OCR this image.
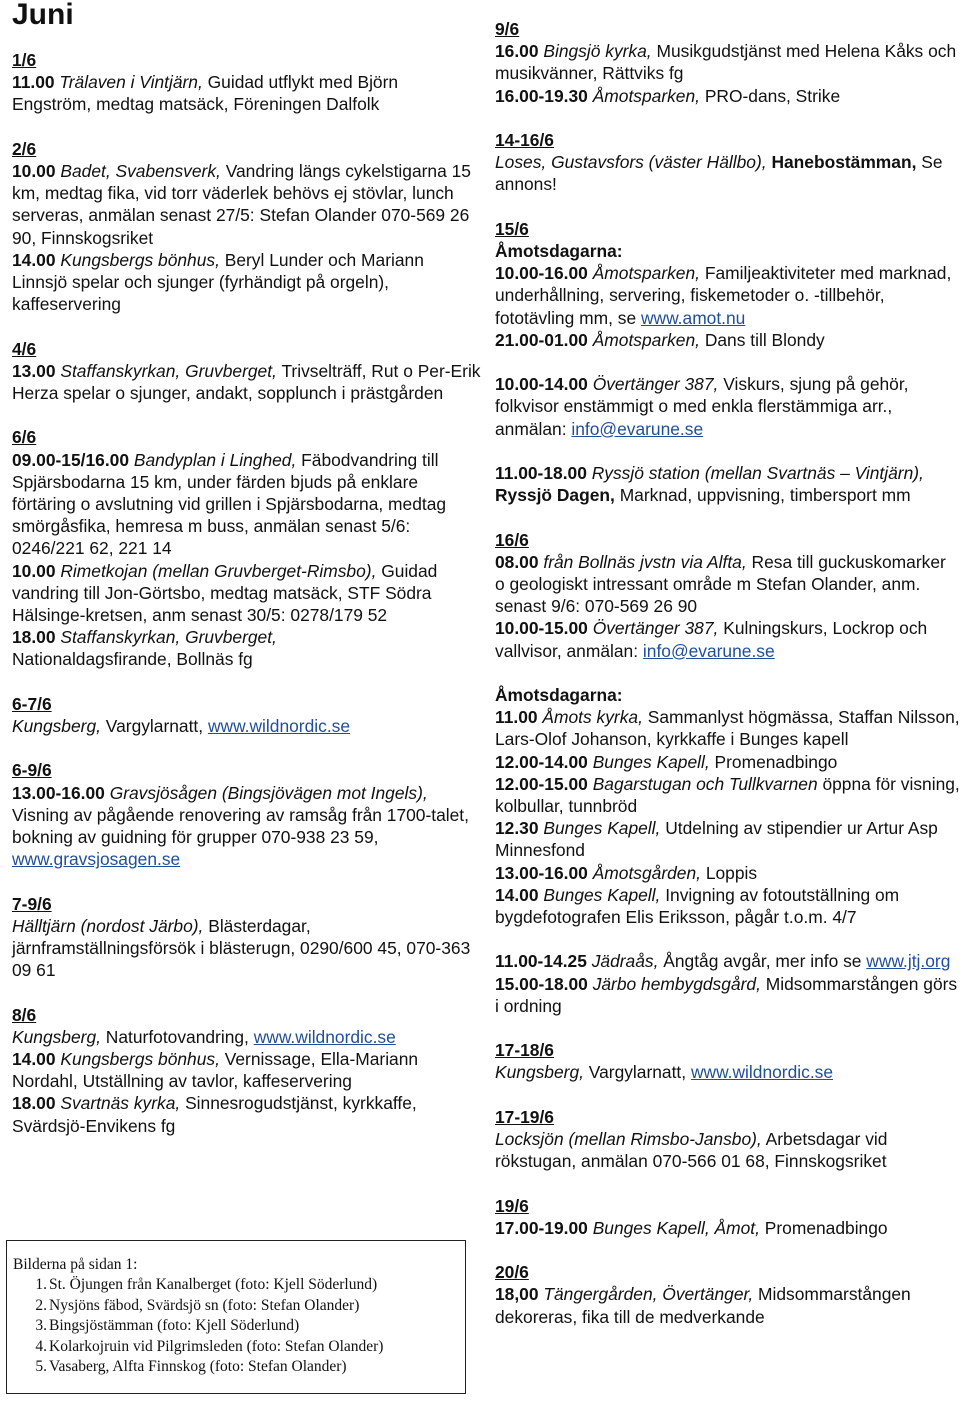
Juni

1/6
11.00 Trälaven i Vintjärn, Guidad utflykt med Björn Engström, medtag matsäck, Föreningen Dalfolk

2/6
10.00 Badet, Svabensverk, Vandring längs cykelstigarna 15 km, medtag fika, vid torr väderlek behövs ej stövlar, lunch serveras, anmälan senast 27/5: Stefan Olander 070-569 26 90, Finnskogsriket

14.00 Kungsbergs bönhus, Beryl Lunder och Mariann Linnsjö spelar och sjunger (fyrhändigt på orgeln), kaffeservering

4/6
13.00 Staffanskyrkan, Gruvberget, Trivselträff, Rut o Per-Erik Herza spelar o sjunger, andakt, sopplunch i prästgården

6/6
09.00-15/16.00 Bandyplan i Linghed, Fäbodvandring till Spjärsbodarna 15 km, under färden bjuds på enklare förtäring o avslutning vid grillen i Spjärsbodarna, medtag smörgåsfika, hemresa m buss, anmälan senast 5/6: 0246/221 62, 221 14

10.00 Rimetkojan (mellan Gruvberget-Rimsbo), Guidad vandring till Jon-Görtsbo, medtag matsäck, STF Södra Hälsinge-kretsen, anm senast 30/5: 0278/179 52

18.00 Staffanskyrkan, Gruvberget,
Nationaldagsfirande, Bollnäs fg

6-7/6
Kungsberg, Vargylarnatt, www.wildnordic.se

6-9/6
13.00-16.00 Gravsjösågen (Bingsjövägen mot Ingels), Visning av pågående renovering av ramsåg från 1700-talet, bokning av guidning för grupper 070-938 23 59, www.gravsjosagen.se

7-9/6
Hälltjärn (nordost Järbo), Blästerdagar, järnframställningsförsök i blästerugn, 0290/600 45, 070-363 09 61

8/6
Kungsberg, Naturfotovandring, www.wildnordic.se

14.00 Kungsbergs bönhus, Vernissage, Ella-Mariann Nordahl, Utställning av tavlor, kaffeservering

18.00 Svartnäs kyrka, Sinnesrogudstjänst, kyrkkaffe, Svärdsjö-Envikens fg

Bilderna på sidan 1:
1. St. Öjungen från Kanalberget (foto: Kjell Söderlund)
2. Nysjöns fäbod, Svärdsjö sn (foto: Stefan Olander)
3. Bingsjöstämman (foto: Kjell Söderlund)
4. Kolarkojruin vid Pilgrimsleden (foto: Stefan Olander)
5. Vasaberg, Alfta Finnskog (foto: Stefan Olander)

9/6
16.00 Bingsjö kyrka, Musikgudstjänst med Helena Kåks och musikvänner, Rättviks fg

16.00-19.30 Åmotsparken, PRO-dans, Strike

14-16/6
Loses, Gustavsfors (väster Hällbo), Hanebostämman, Se annons!

15/6
Åmotsdagarna:

10.00-16.00 Åmotsparken, Familjeaktiviteter med marknad, underhållning, servering, fiskemetoder o. -tillbehör, fototävling mm, se www.amot.nu

21.00-01.00 Åmotsparken, Dans till Blondy

10.00-14.00 Övertänger 387, Viskurs, sjung på gehör, folkvisor enstämmigt o med enkla flerstämmiga arr., anmälan: info@evarune.se

11.00-18.00 Ryssjö station (mellan Svartnäs – Vintjärn), Ryssjö Dagen, Marknad, uppvisning, timbersport mm

16/6
08.00 från Bollnäs jvstn via Alfta, Resa till guckuskomarker o geologiskt intressant område m Stefan Olander, anm. senast 9/6: 070-569 26 90

10.00-15.00 Övertänger 387, Kulningskurs, Lockrop och vallvisor, anmälan: info@evarune.se

Åmotsdagarna:

11.00 Åmots kyrka, Sammanlyst högmässa, Staffan Nilsson, Lars-Olof Johanson, kyrkkaffe i Bunges kapell

12.00-14.00 Bunges Kapell, Promenadbingo

12.00-15.00 Bagarstugan och Tullkvarnen öppna för visning, kolbullar, tunnbröd

12.30 Bunges Kapell, Utdelning av stipendier ur Artur Asp Minnesfond

13.00-16.00 Åmotsgården, Loppis

14.00 Bunges Kapell, Invigning av fotoutställning om bygdefotografen Elis Eriksson, pågår t.o.m. 4/7

11.00-14.25 Jädraås, Ångtåg avgår, mer info se www.jtj.org

15.00-18.00 Järbo hembygdsgård, Midsommarstången görs i ordning

17-18/6
Kungsberg, Vargylarnatt, www.wildnordic.se

17-19/6
Locksjön (mellan Rimsbo-Jansbo), Arbetsdagar vid rökstugan, anmälan 070-566 01 68, Finnskogsriket

19/6
17.00-19.00 Bunges Kapell, Åmot, Promenadbingo

20/6
18,00 Tängergården, Övertänger, Midsommarstången dekoreras, fika till de medverkande
